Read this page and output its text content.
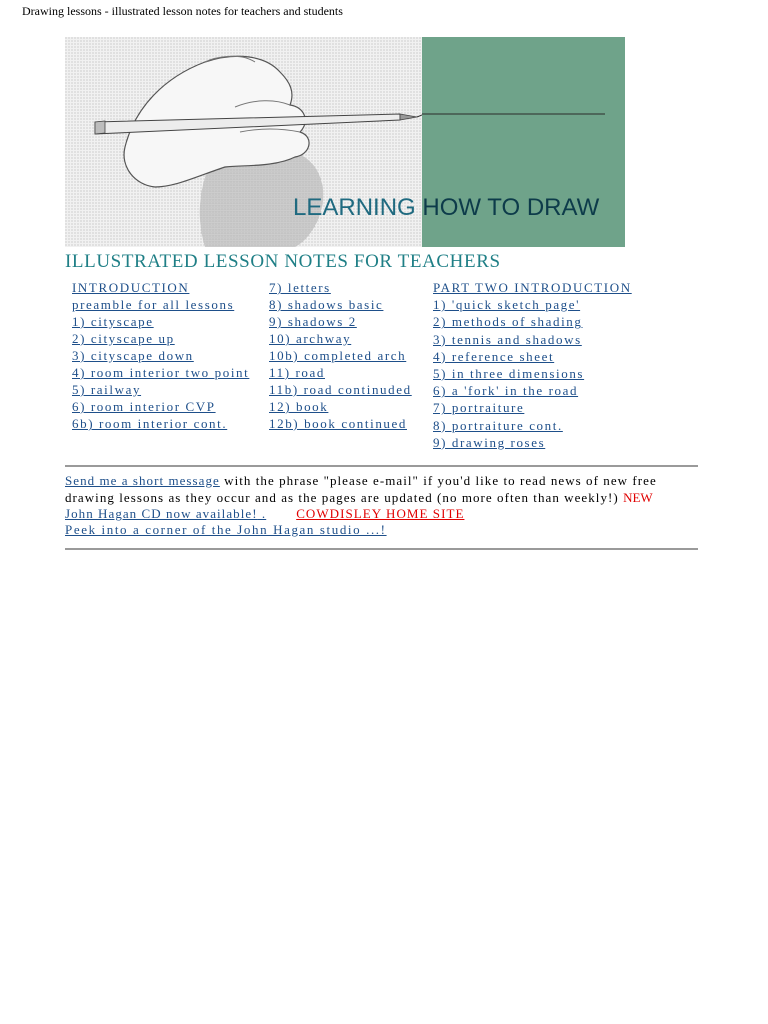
Drawing lessons - illustrated lesson notes for teachers and students
LEARNING HOW TO DRAW
ILLUSTRATED LESSON NOTES FOR TEACHERS
INTRODUCTION
preamble for all lessons
1) cityscape
2) cityscape up
3) cityscape down
4) room interior two point
5) railway
6) room interior CVP
6b) room interior cont.
7) letters
8) shadows basic
9) shadows 2
10) archway
10b) completed arch
11) road
11b) road continuded
12) book
12b) book continued
PART TWO INTRODUCTION
1) 'quick sketch page'
2) methods of shading
3) tennis and shadows
4) reference sheet
5) in three dimensions
6) a 'fork' in the road
7) portraiture
8) portraiture cont.
9) drawing roses
Send me a short message with the phrase "please e-mail" if you'd like to read news of new free drawing lessons as they occur and as the pages are updated (no more often than weekly!) NEW
John Hagan CD now available! . COWDISLEY HOME SITE
Peek into a corner of the John Hagan studio ...!
